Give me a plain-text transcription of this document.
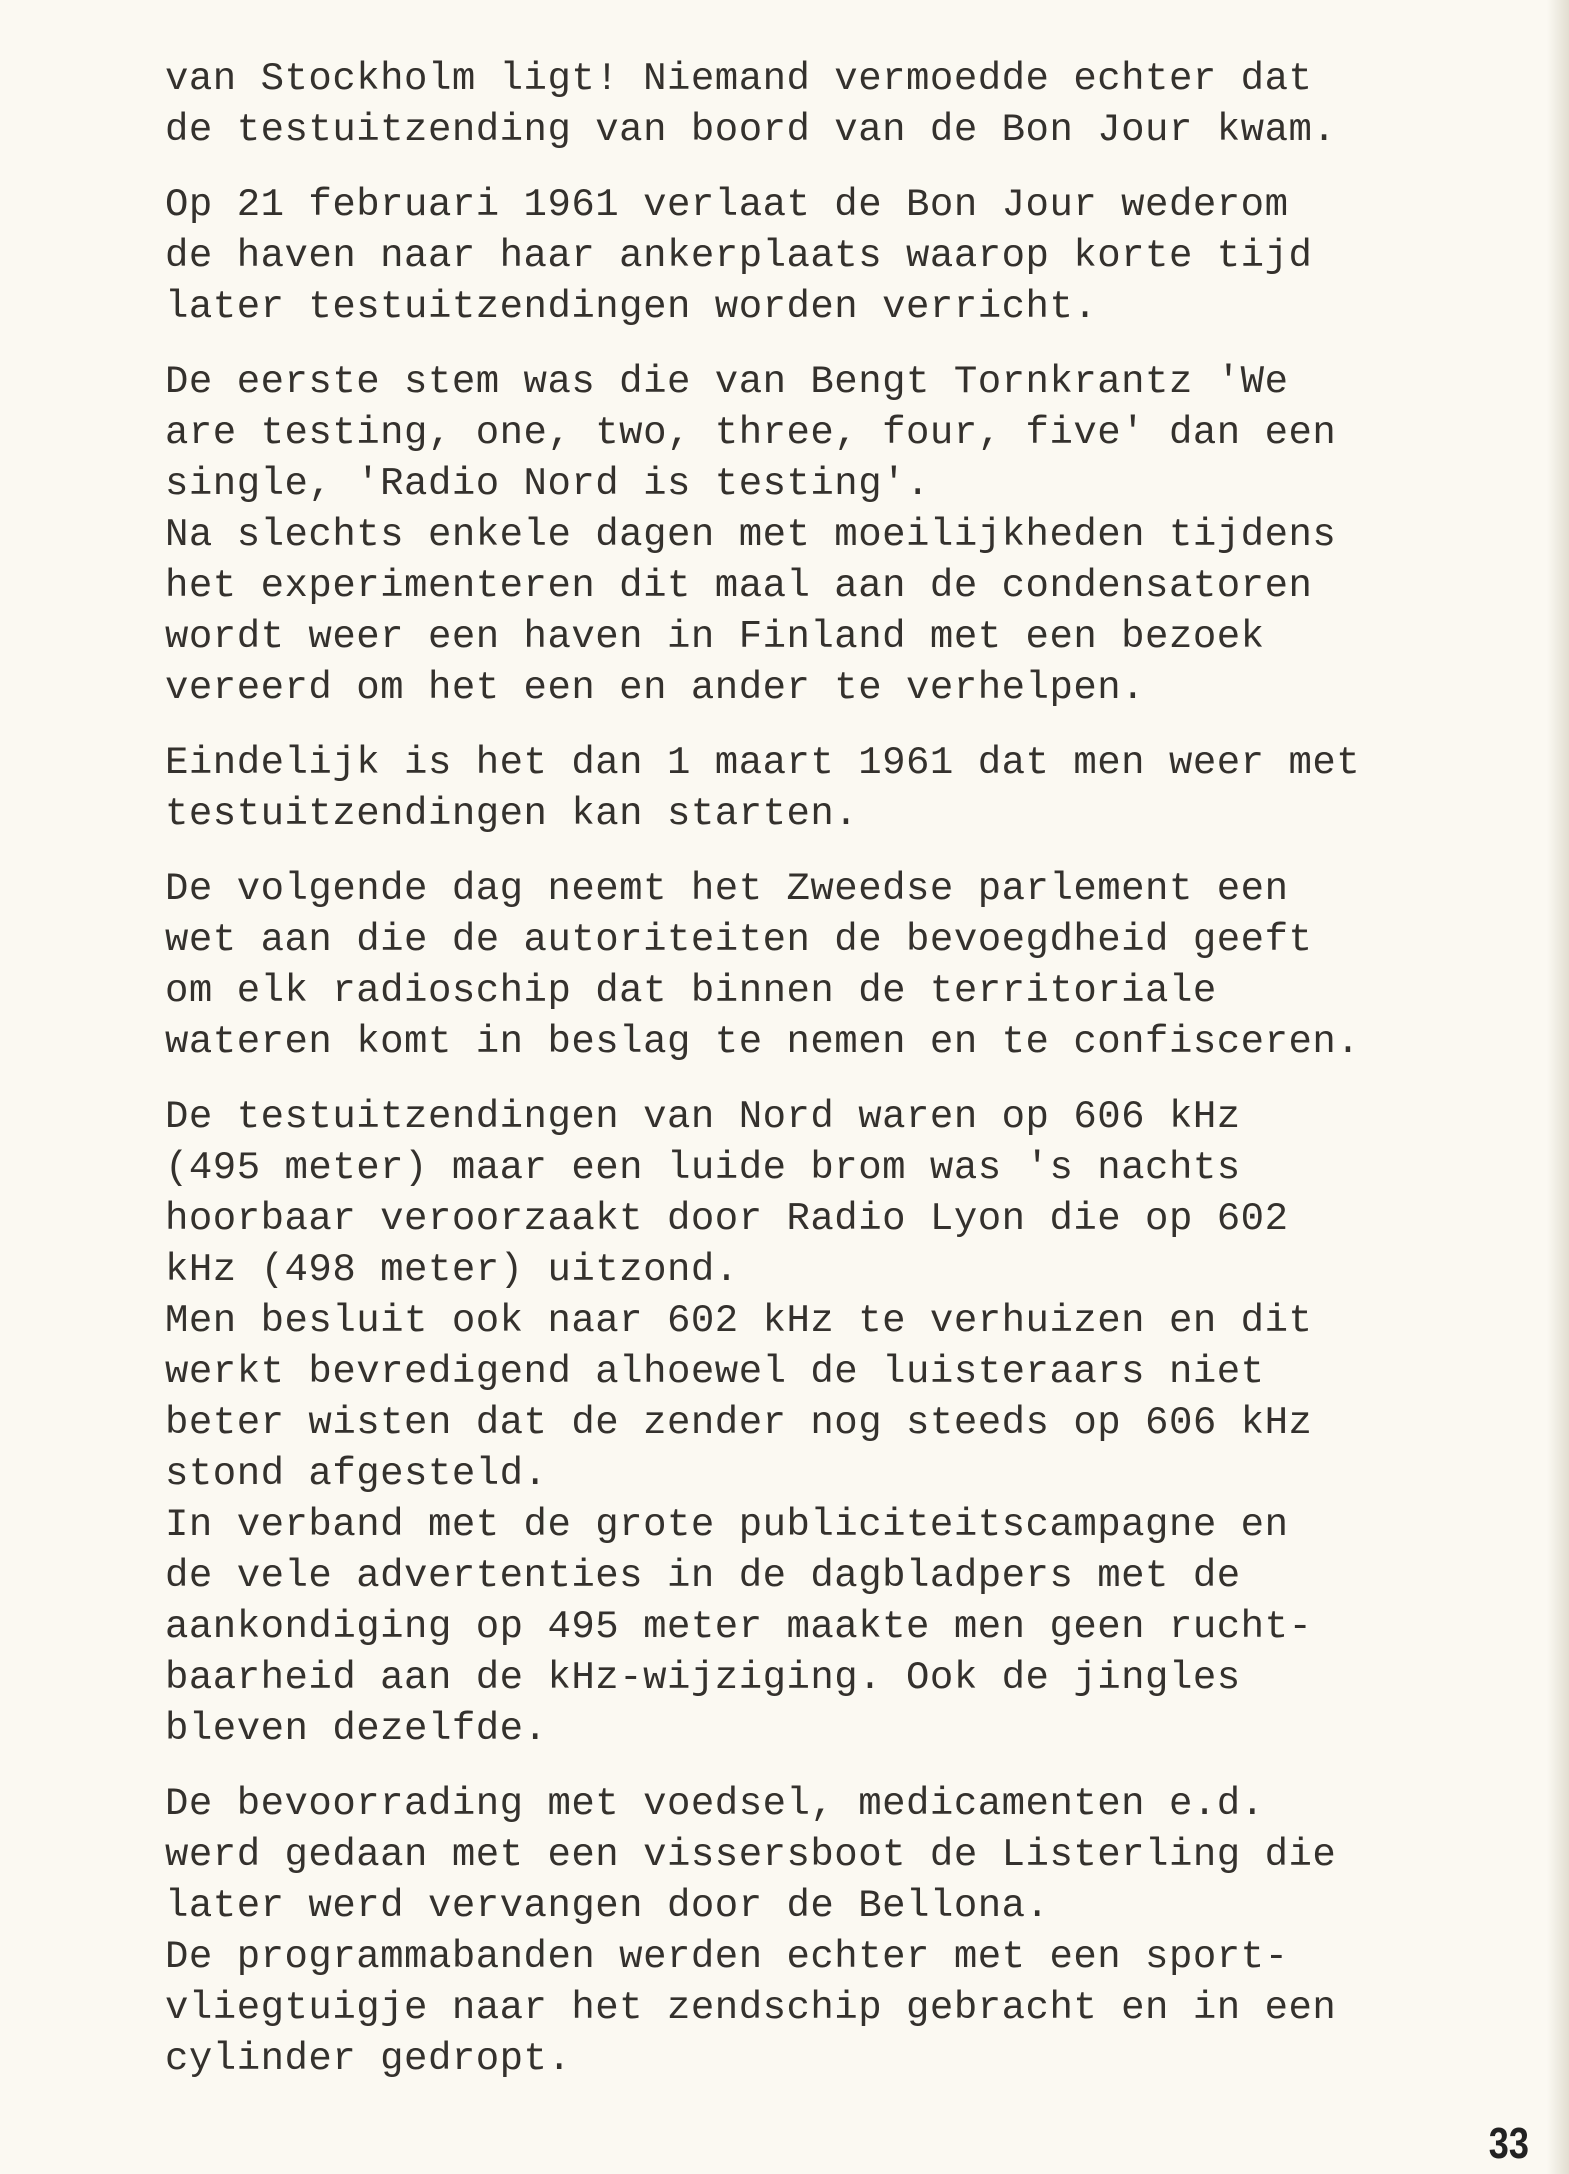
van Stockholm ligt! Niemand vermoedde echter dat
de testuitzending van boord van de Bon Jour kwam.
Op 21 februari 1961 verlaat de Bon Jour wederom
de haven naar haar ankerplaats waarop korte tijd
later testuitzendingen worden verricht.
De eerste stem was die van Bengt Tornkrantz 'We
are testing, one, two, three, four, five' dan een
single, 'Radio Nord is testing'.
Na slechts enkele dagen met moeilijkheden tijdens
het experimenteren dit maal aan de condensatoren
wordt weer een haven in Finland met een bezoek
vereerd om het een en ander te verhelpen.
Eindelijk is het dan 1 maart 1961 dat men weer met
testuitzendingen kan starten.
De volgende dag neemt het Zweedse parlement een
wet aan die de autoriteiten de bevoegdheid geeft
om elk radioschip dat binnen de territoriale
wateren komt in beslag te nemen en te confisceren.
De testuitzendingen van Nord waren op 606 kHz
(495 meter) maar een luide brom was 's nachts
hoorbaar veroorzaakt door Radio Lyon die op 602
kHz (498 meter) uitzond.
Men besluit ook naar 602 kHz te verhuizen en dit
werkt bevredigend alhoewel de luisteraars niet
beter wisten dat de zender nog steeds op 606 kHz
stond afgesteld.
In verband met de grote publiciteitscampagne en
de vele advertenties in de dagbladpers met de
aankondiging op 495 meter maakte men geen rucht-
baarheid aan de kHz-wijziging. Ook de jingles
bleven dezelfde.
De bevoorrading met voedsel, medicamenten e.d.
werd gedaan met een vissersboot de Listerling die
later werd vervangen door de Bellona.
De programmabanden werden echter met een sport-
vliegtuigje naar het zendschip gebracht en in een
cylinder gedropt.
33
